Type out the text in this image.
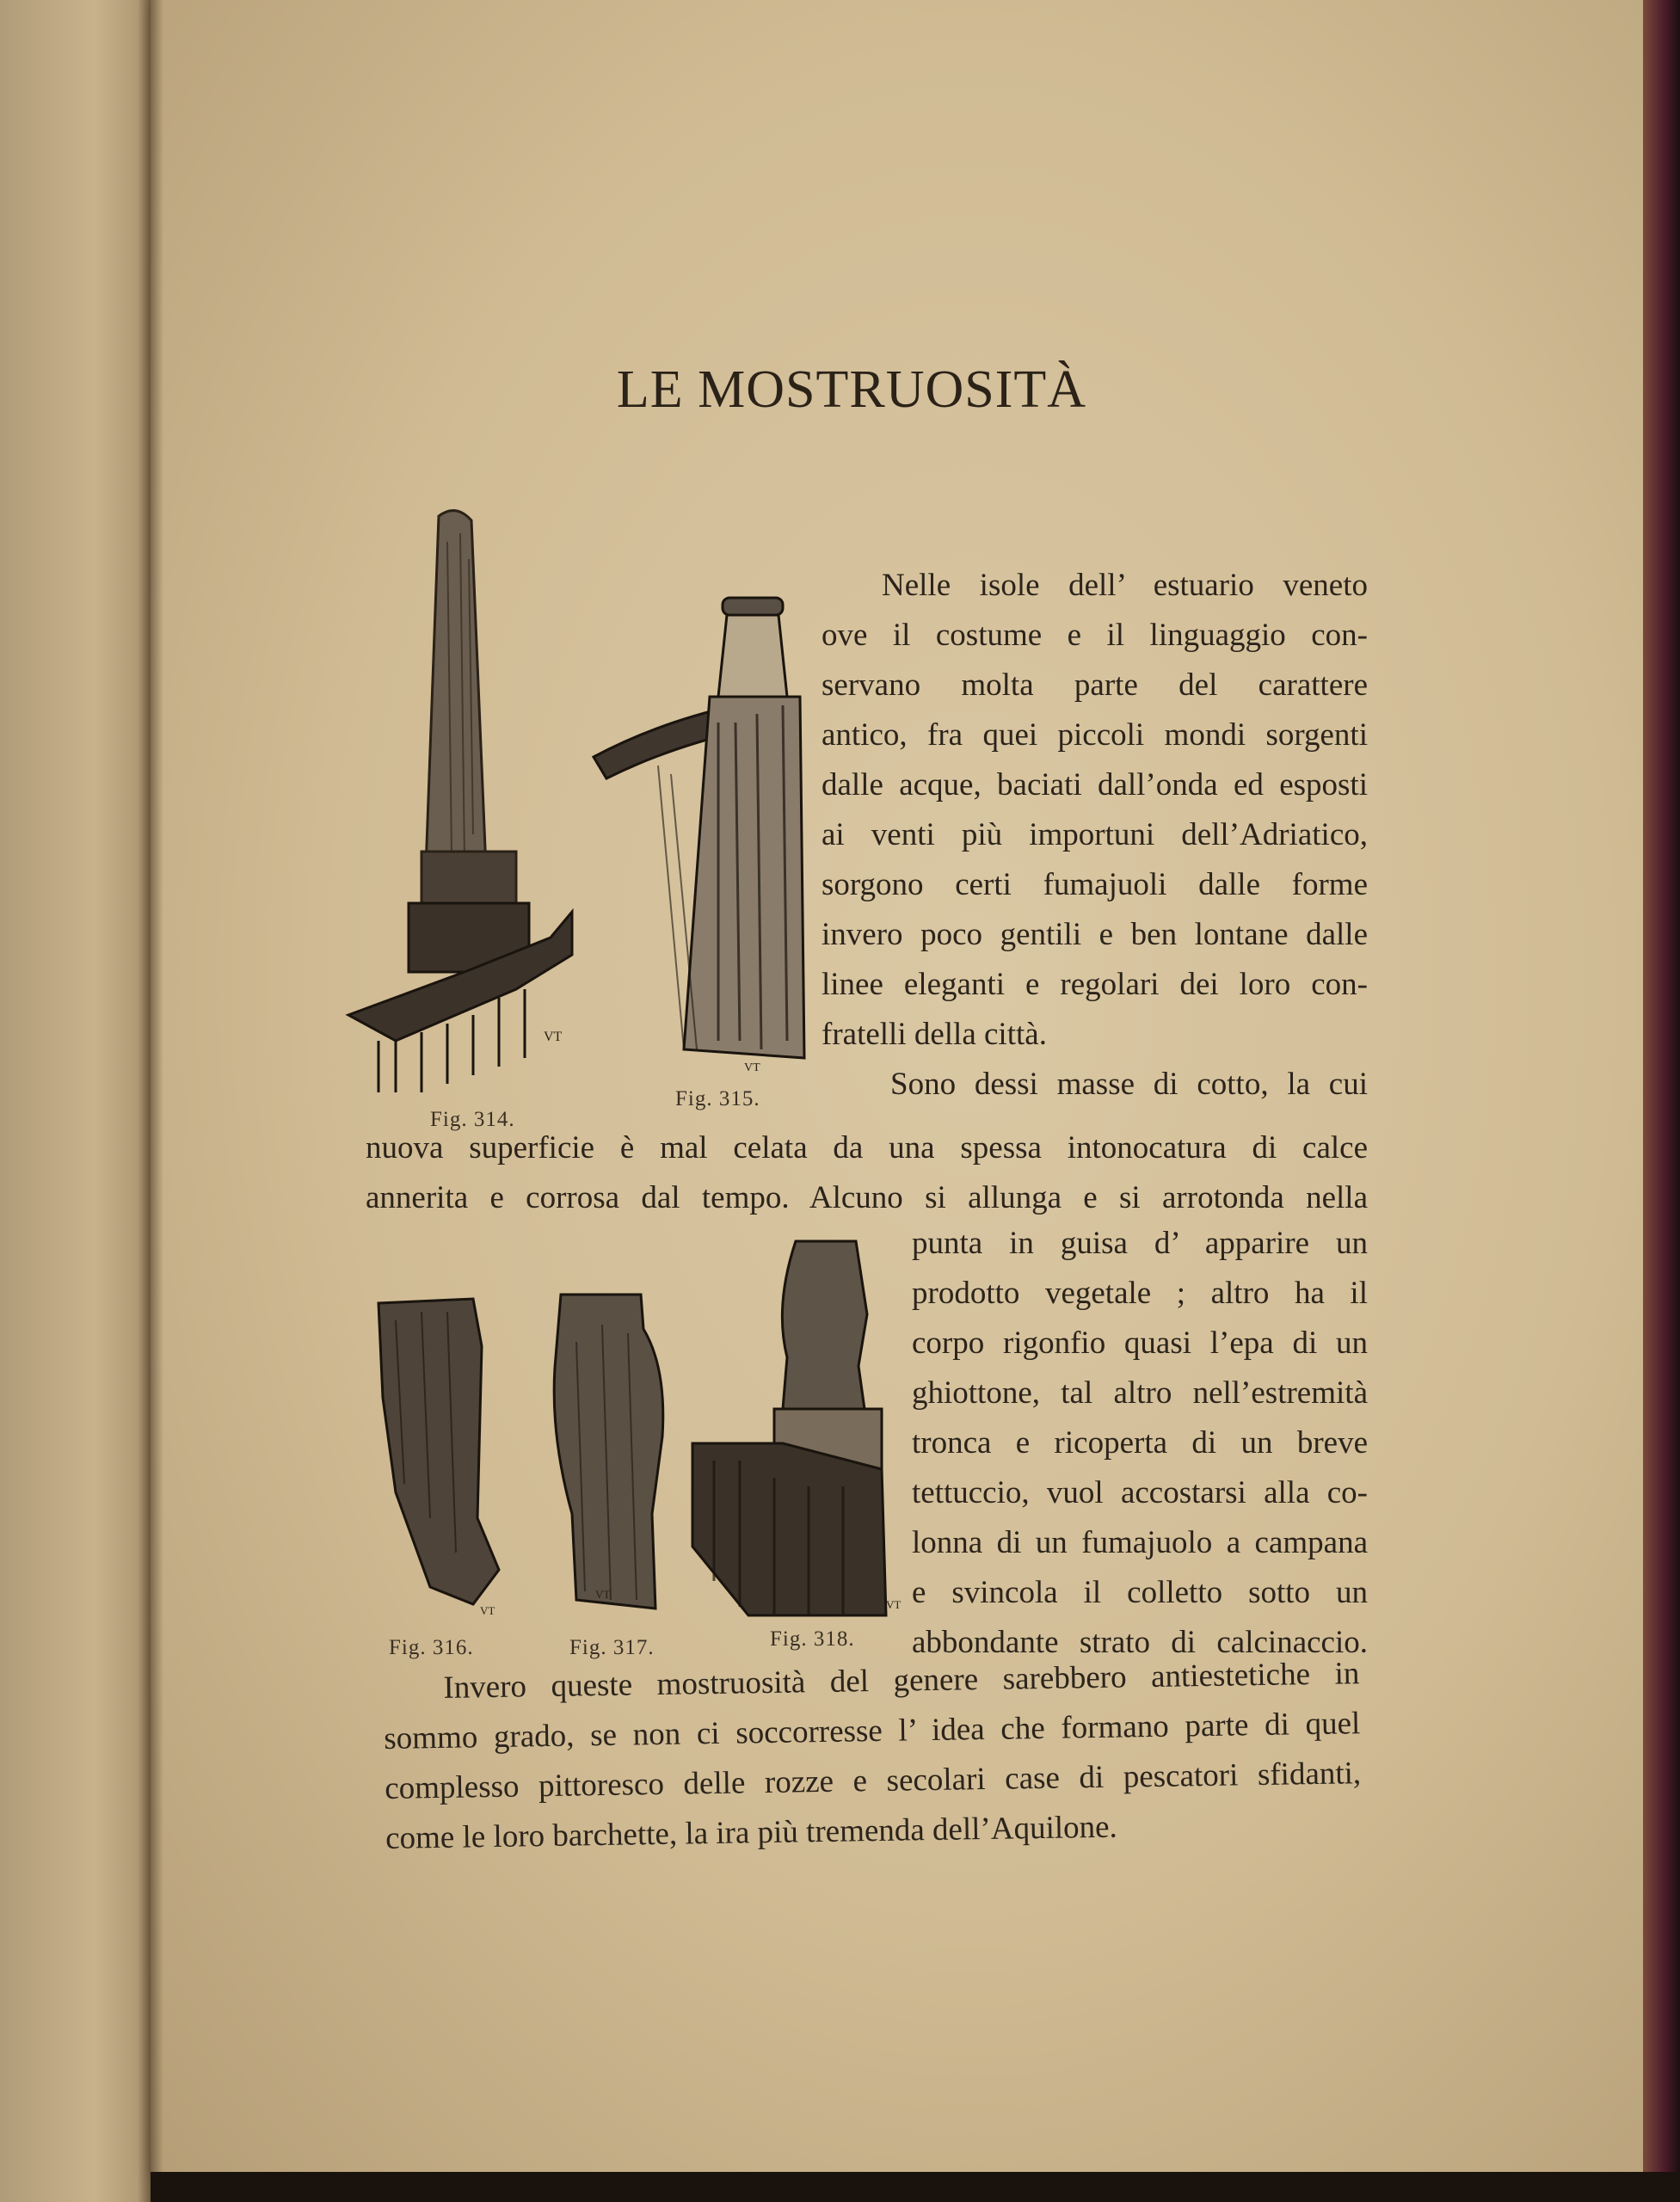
LE MOSTRUOSITÀ
VT
Fig. 314.
VT
Fig. 315.
Nelle isole dell’ estuario veneto
ove il costume e il linguaggio con-
servano molta parte del carattere
antico, fra quei piccoli mondi sorgenti
dalle acque, baciati dall’onda ed esposti
ai venti più importuni dell’Adriatico,
sorgono certi fumajuoli dalle forme
invero poco gentili e ben lontane dalle
linee eleganti e regolari dei loro con-
fratelli della città.
Sono dessi masse di cotto, la cui
nuova superficie è mal celata da una spessa intonocatura di calce
annerita e corrosa dal tempo. Alcuno si allunga e si arrotonda nella
VT
Fig. 316.
VT
Fig. 317.
VT
Fig. 318.
punta in guisa d’ apparire un
prodotto vegetale ; altro ha il
corpo rigonfio quasi l’epa di un
ghiottone, tal altro nell’estremità
tronca e ricoperta di un breve
tettuccio, vuol accostarsi alla co-
lonna di un fumajuolo a campana
e svincola il colletto sotto un
abbondante strato di calcinaccio.
Invero queste mostruosità del genere sarebbero antiestetiche in
sommo grado, se non ci soccorresse l’ idea che formano parte di quel
complesso pittoresco delle rozze e secolari case di pescatori sfidanti,
come le loro barchette, la ira più tremenda dell’Aquilone.
